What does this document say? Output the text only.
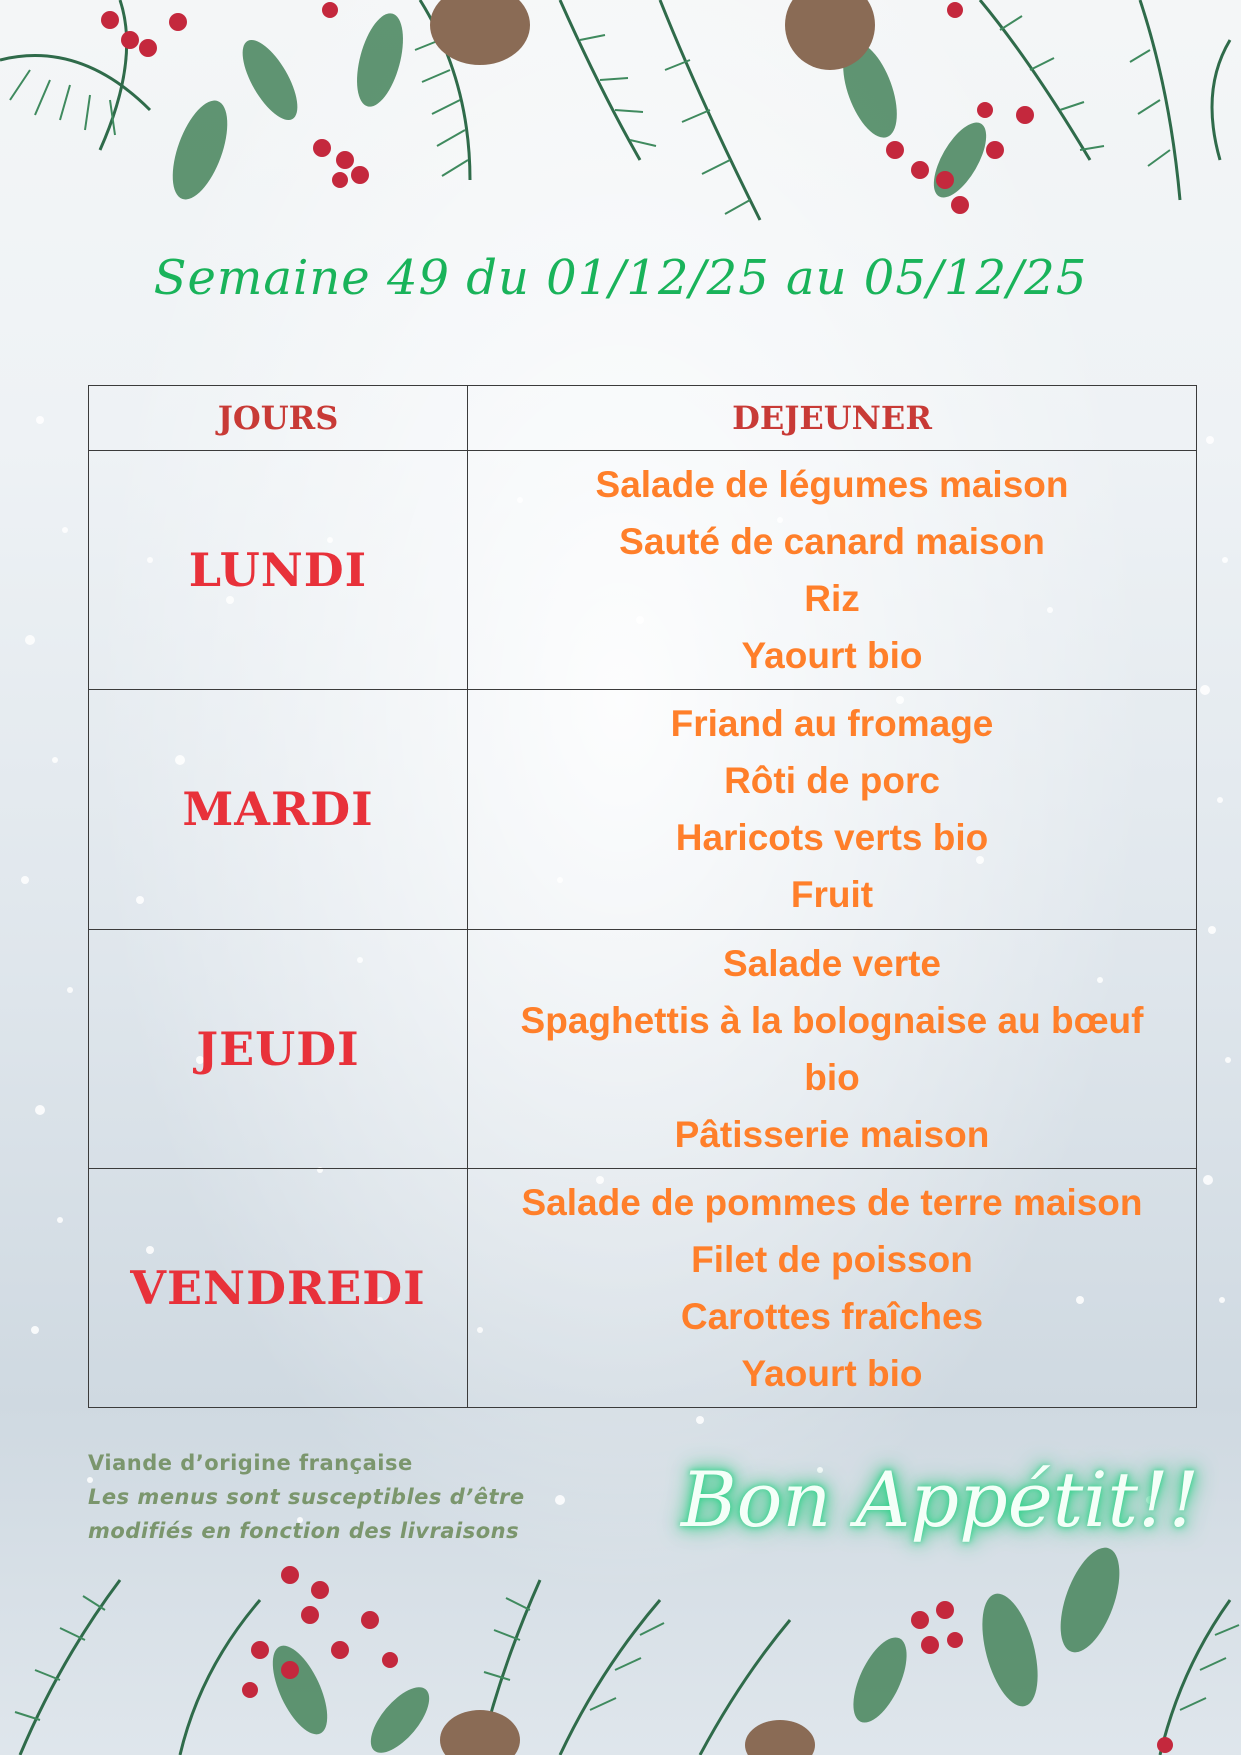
Semaine 49 du 01/12/25 au 05/12/25
JOURS	DEJEUNER
LUNDI	Salade de légumes maison
Sauté de canard maison
Riz
Yaourt bio

MARDI	Friand au fromage
Rôti de porc
Haricots verts bio
Fruit

JEUDI	Salade verte
Spaghettis à la bolognaise au bœuf
bio
Pâtisserie maison

VENDREDI	Salade de pommes de terre maison
Filet de poisson
Carottes fraîches
Yaourt bio
Viande d’origine française
Les menus sont susceptibles d’être
modifiés en fonction des livraisons	Bon Appétit!!
